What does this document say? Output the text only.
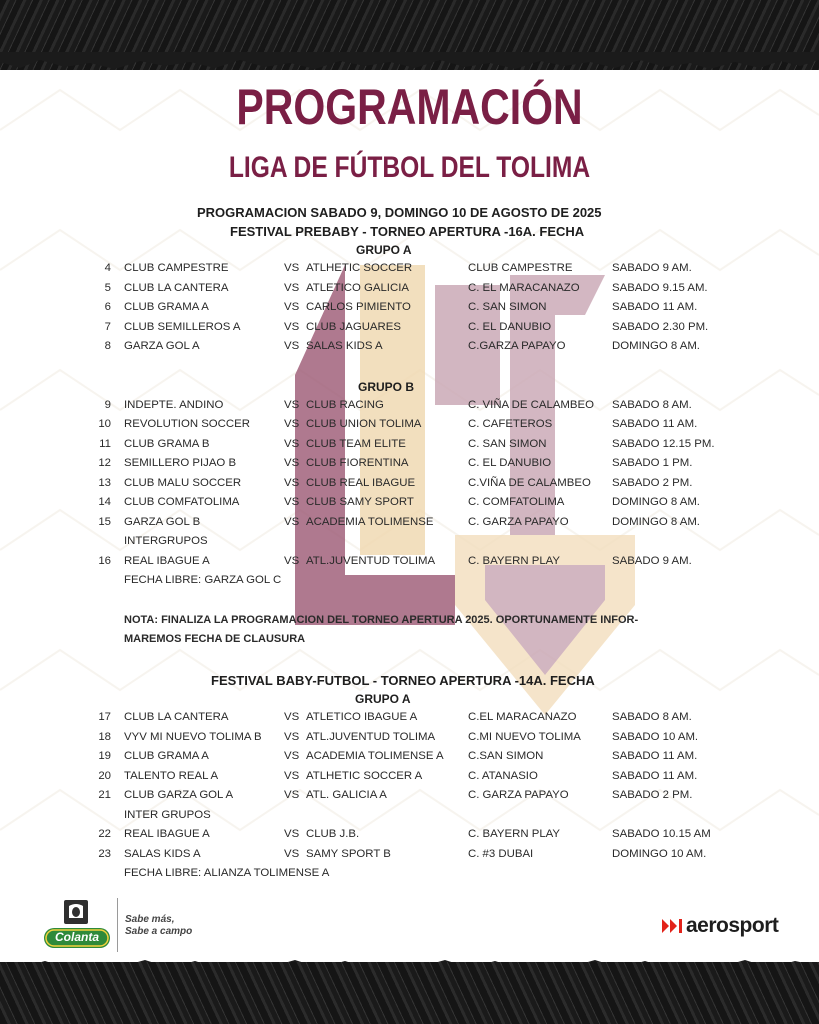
PROGRAMACIÓN
LIGA DE FÚTBOL DEL TOLIMA
PROGRAMACION SABADO 9, DOMINGO 10 DE AGOSTO DE 2025
FESTIVAL PREBABY - TORNEO APERTURA -16A. FECHA
GRUPO A
4 CLUB CAMPESTRE	VS ATLHETIC SOCCER	CLUB CAMPESTRE	SABADO 9 AM.
5 CLUB LA CANTERA	VS ATLETICO GALICIA	C. EL MARACANAZO	SABADO 9.15 AM.
6 CLUB GRAMA A	VS CARLOS PIMIENTO	C. SAN SIMON	SABADO 11 AM.
7 CLUB SEMILLEROS A	VS CLUB JAGUARES	C. EL DANUBIO	SABADO 2.30 PM.
8 GARZA GOL A	VS SALAS KIDS A	C.GARZA PAPAYO	DOMINGO 8 AM.
GRUPO B
9 INDEPTE. ANDINO	VS CLUB RACING	C. VIÑA DE CALAMBEO SABADO 8 AM.
10 REVOLUTION SOCCER	VS CLUB UNION TOLIMA	C. CAFETEROS	SABADO 11 AM.
11 CLUB GRAMA B	VS CLUB TEAM ELITE	C. SAN SIMON	SABADO 12.15 PM.
12 SEMILLERO PIJAO B	VS CLUB FIORENTINA	C. EL DANUBIO	SABADO 1 PM.
13 CLUB MALU SOCCER	VS CLUB REAL IBAGUE	C.VIÑA DE CALAMBEO SABADO 2 PM.
14 CLUB COMFATOLIMA	VS CLUB SAMY SPORT	C. COMFATOLIMA	DOMINGO 8 AM.
15 GARZA GOL B	VS ACADEMIA TOLIMENSE	C. GARZA PAPAYO	DOMINGO 8 AM.
INTERGRUPOS
16 REAL IBAGUE A	VS ATL.JUVENTUD TOLIMA	C. BAYERN PLAY	SABADO 9 AM.
FECHA LIBRE: GARZA GOL C
NOTA: FINALIZA LA PROGRAMACION DEL TORNEO APERTURA 2025. OPORTUNAMENTE INFOR-
MAREMOS FECHA DE CLAUSURA
FESTIVAL BABY-FUTBOL - TORNEO APERTURA -14A. FECHA
GRUPO A
17 CLUB LA CANTERA	VS ATLETICO IBAGUE A	C.EL MARACANAZO	SABADO 8 AM.
18 VYV MI NUEVO TOLIMA B VS ATL.JUVENTUD TOLIMA	C.MI NUEVO TOLIMA	SABADO 10 AM.
19 CLUB GRAMA A	VS ACADEMIA TOLIMENSE A C.SAN SIMON	SABADO 11 AM.
20 TALENTO REAL A	VS ATLHETIC SOCCER A	C. ATANASIO	SABADO 11 AM.
21 CLUB GARZA GOL A	VS ATL. GALICIA A	C. GARZA PAPAYO	SABADO 2 PM.
INTER GRUPOS
22 REAL IBAGUE A	VS CLUB J.B.	C. BAYERN PLAY	SABADO 10.15 AM
23 SALAS KIDS A	VS SAMY SPORT B	C. #3 DUBAI	DOMINGO 10 AM.
FECHA LIBRE: ALIANZA TOLIMENSE A
Colanta
Sabe más,
Sabe a campo	aerosport
